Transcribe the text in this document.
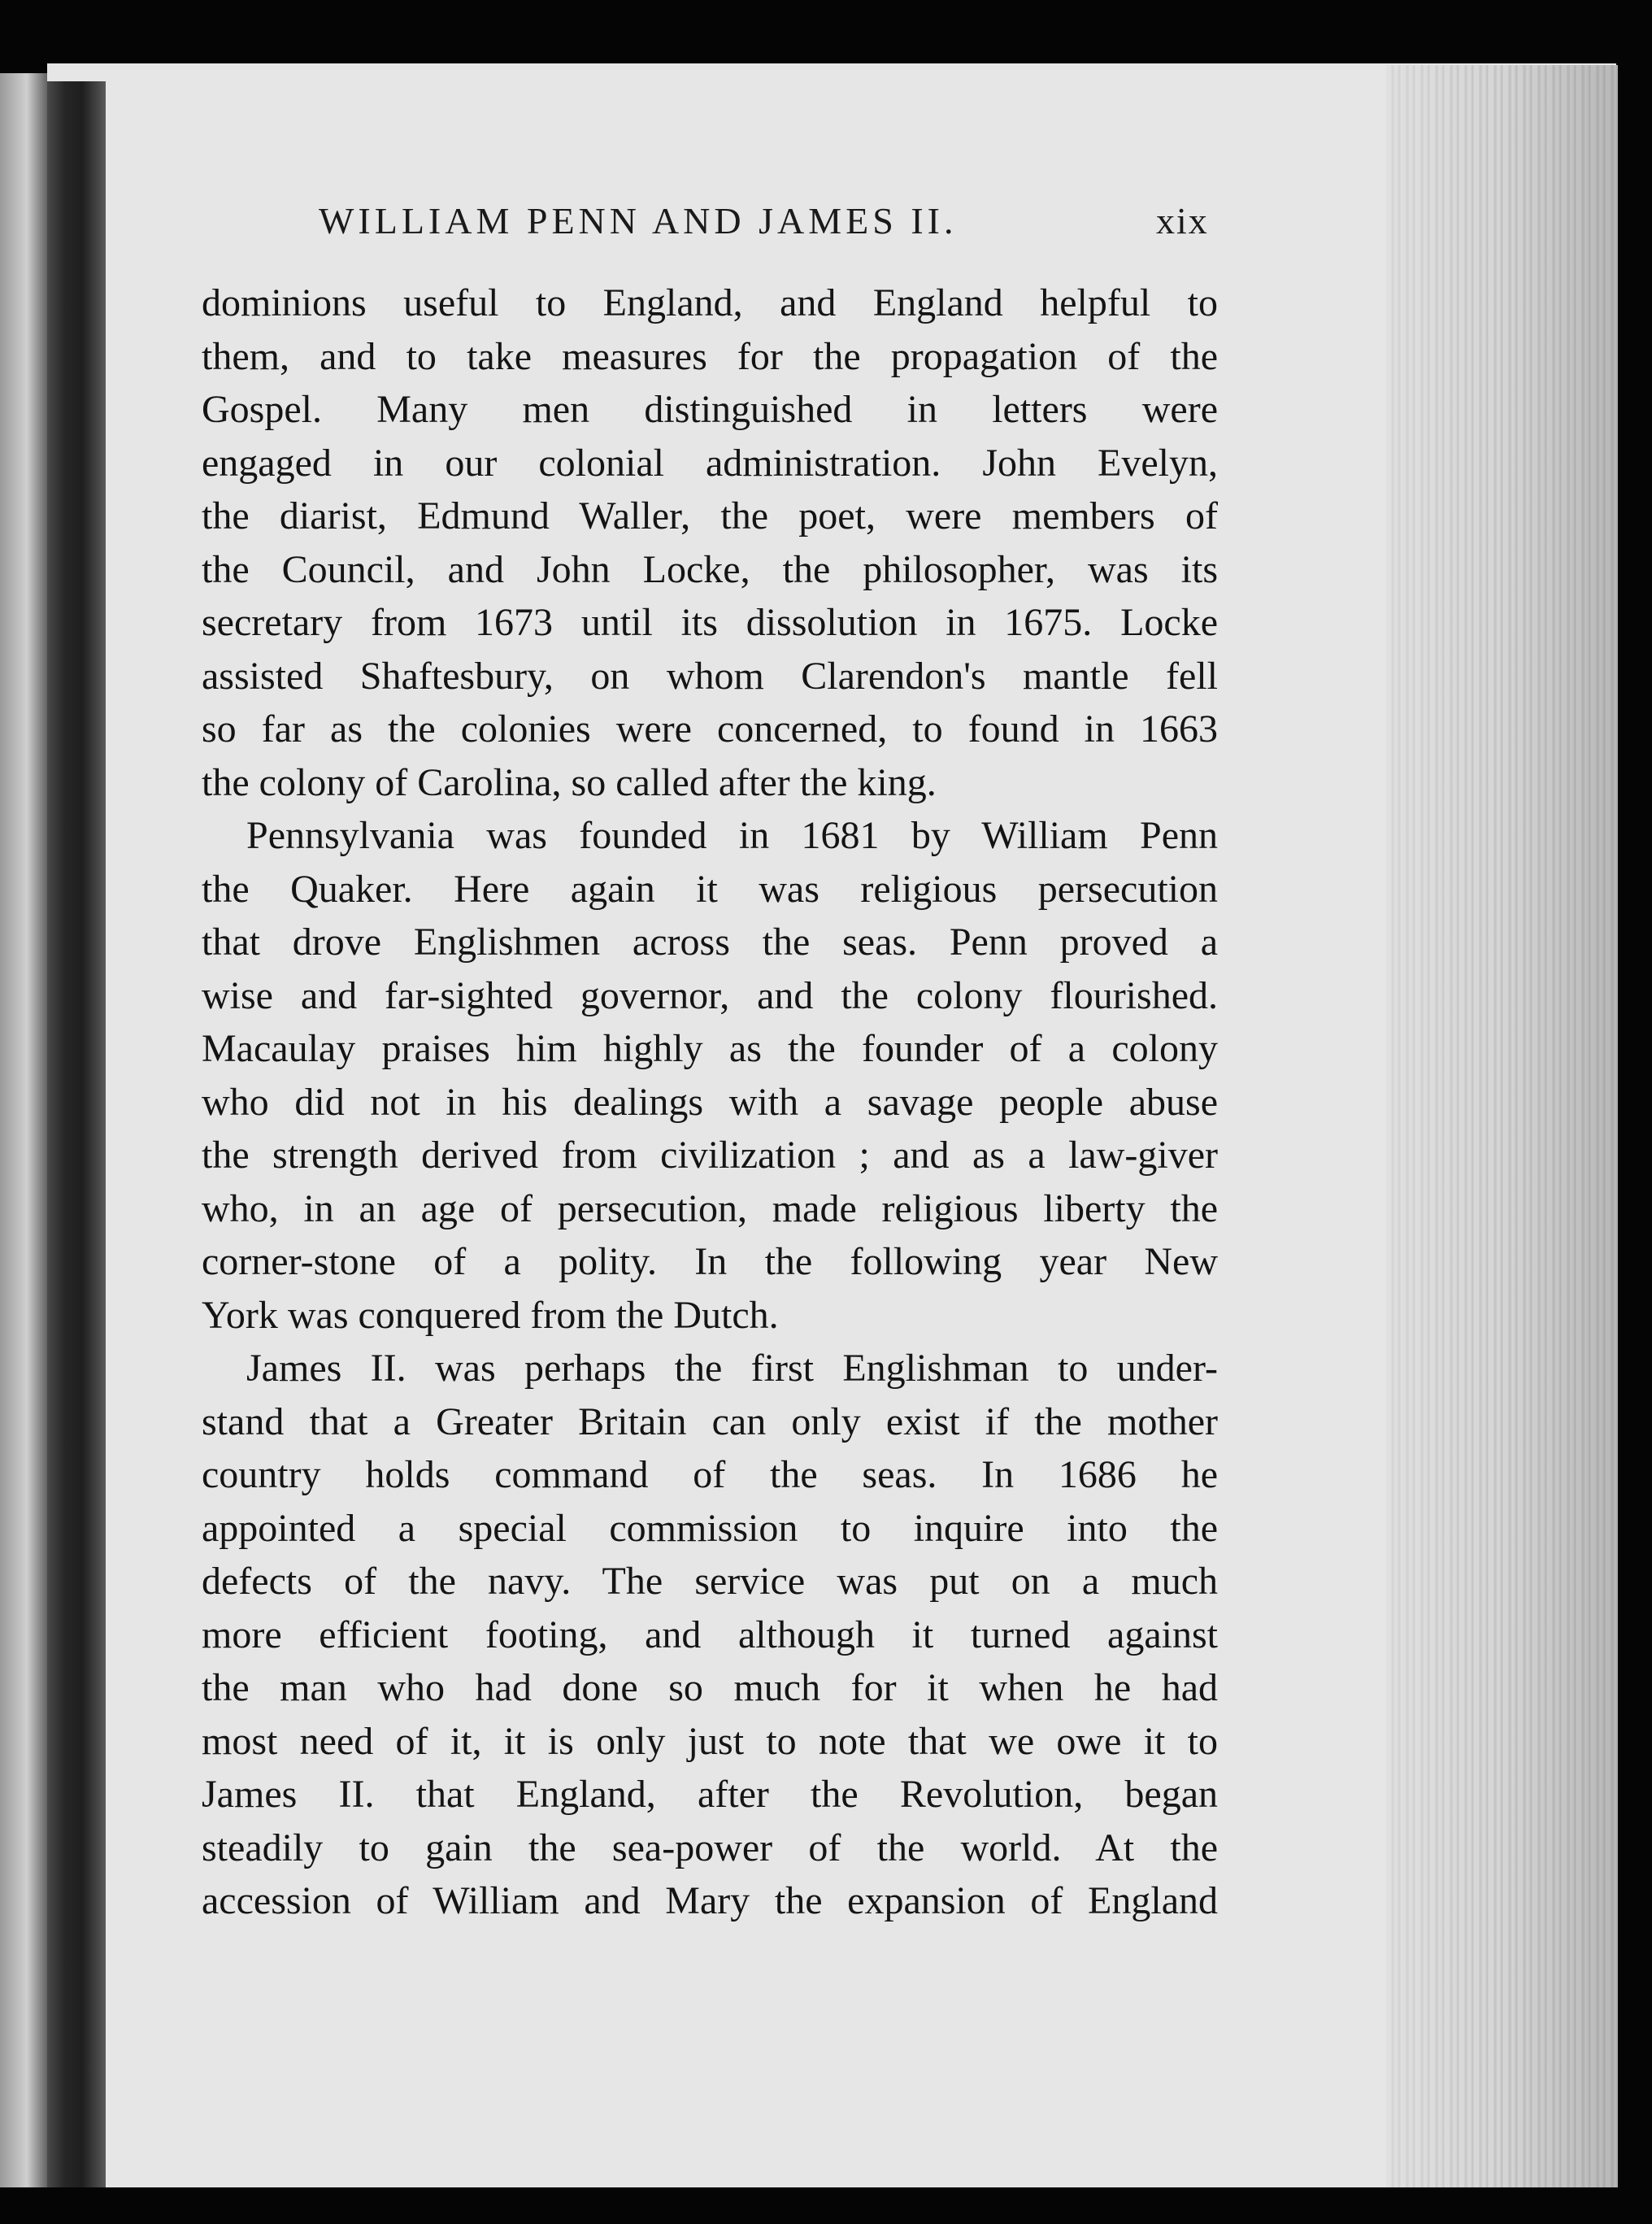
WILLIAM PENN AND JAMES II.	xix
dominions useful to England, and England helpful to
them, and to take measures for the propagation of the
Gospel. Many men distinguished in letters were
engaged in our colonial administration. John Evelyn,
the diarist, Edmund Waller, the poet, were members of
the Council, and John Locke, the philosopher, was its
secretary from 1673 until its dissolution in 1675. Locke
assisted Shaftesbury, on whom Clarendon's mantle fell
so far as the colonies were concerned, to found in 1663
the colony of Carolina, so called after the king.
Pennsylvania was founded in 1681 by William Penn
the Quaker. Here again it was religious persecution
that drove Englishmen across the seas. Penn proved a
wise and far-sighted governor, and the colony flourished.
Macaulay praises him highly as the founder of a colony
who did not in his dealings with a savage people abuse
the strength derived from civilization ; and as a law-giver
who, in an age of persecution, made religious liberty the
corner-stone of a polity. In the following year New
York was conquered from the Dutch.
James II. was perhaps the first Englishman to under-
stand that a Greater Britain can only exist if the mother
country holds command of the seas. In 1686 he
appointed a special commission to inquire into the
defects of the navy. The service was put on a much
more efficient footing, and although it turned against
the man who had done so much for it when he had
most need of it, it is only just to note that we owe it to
James II. that England, after the Revolution, began
steadily to gain the sea-power of the world. At the
accession of William and Mary the expansion of England
